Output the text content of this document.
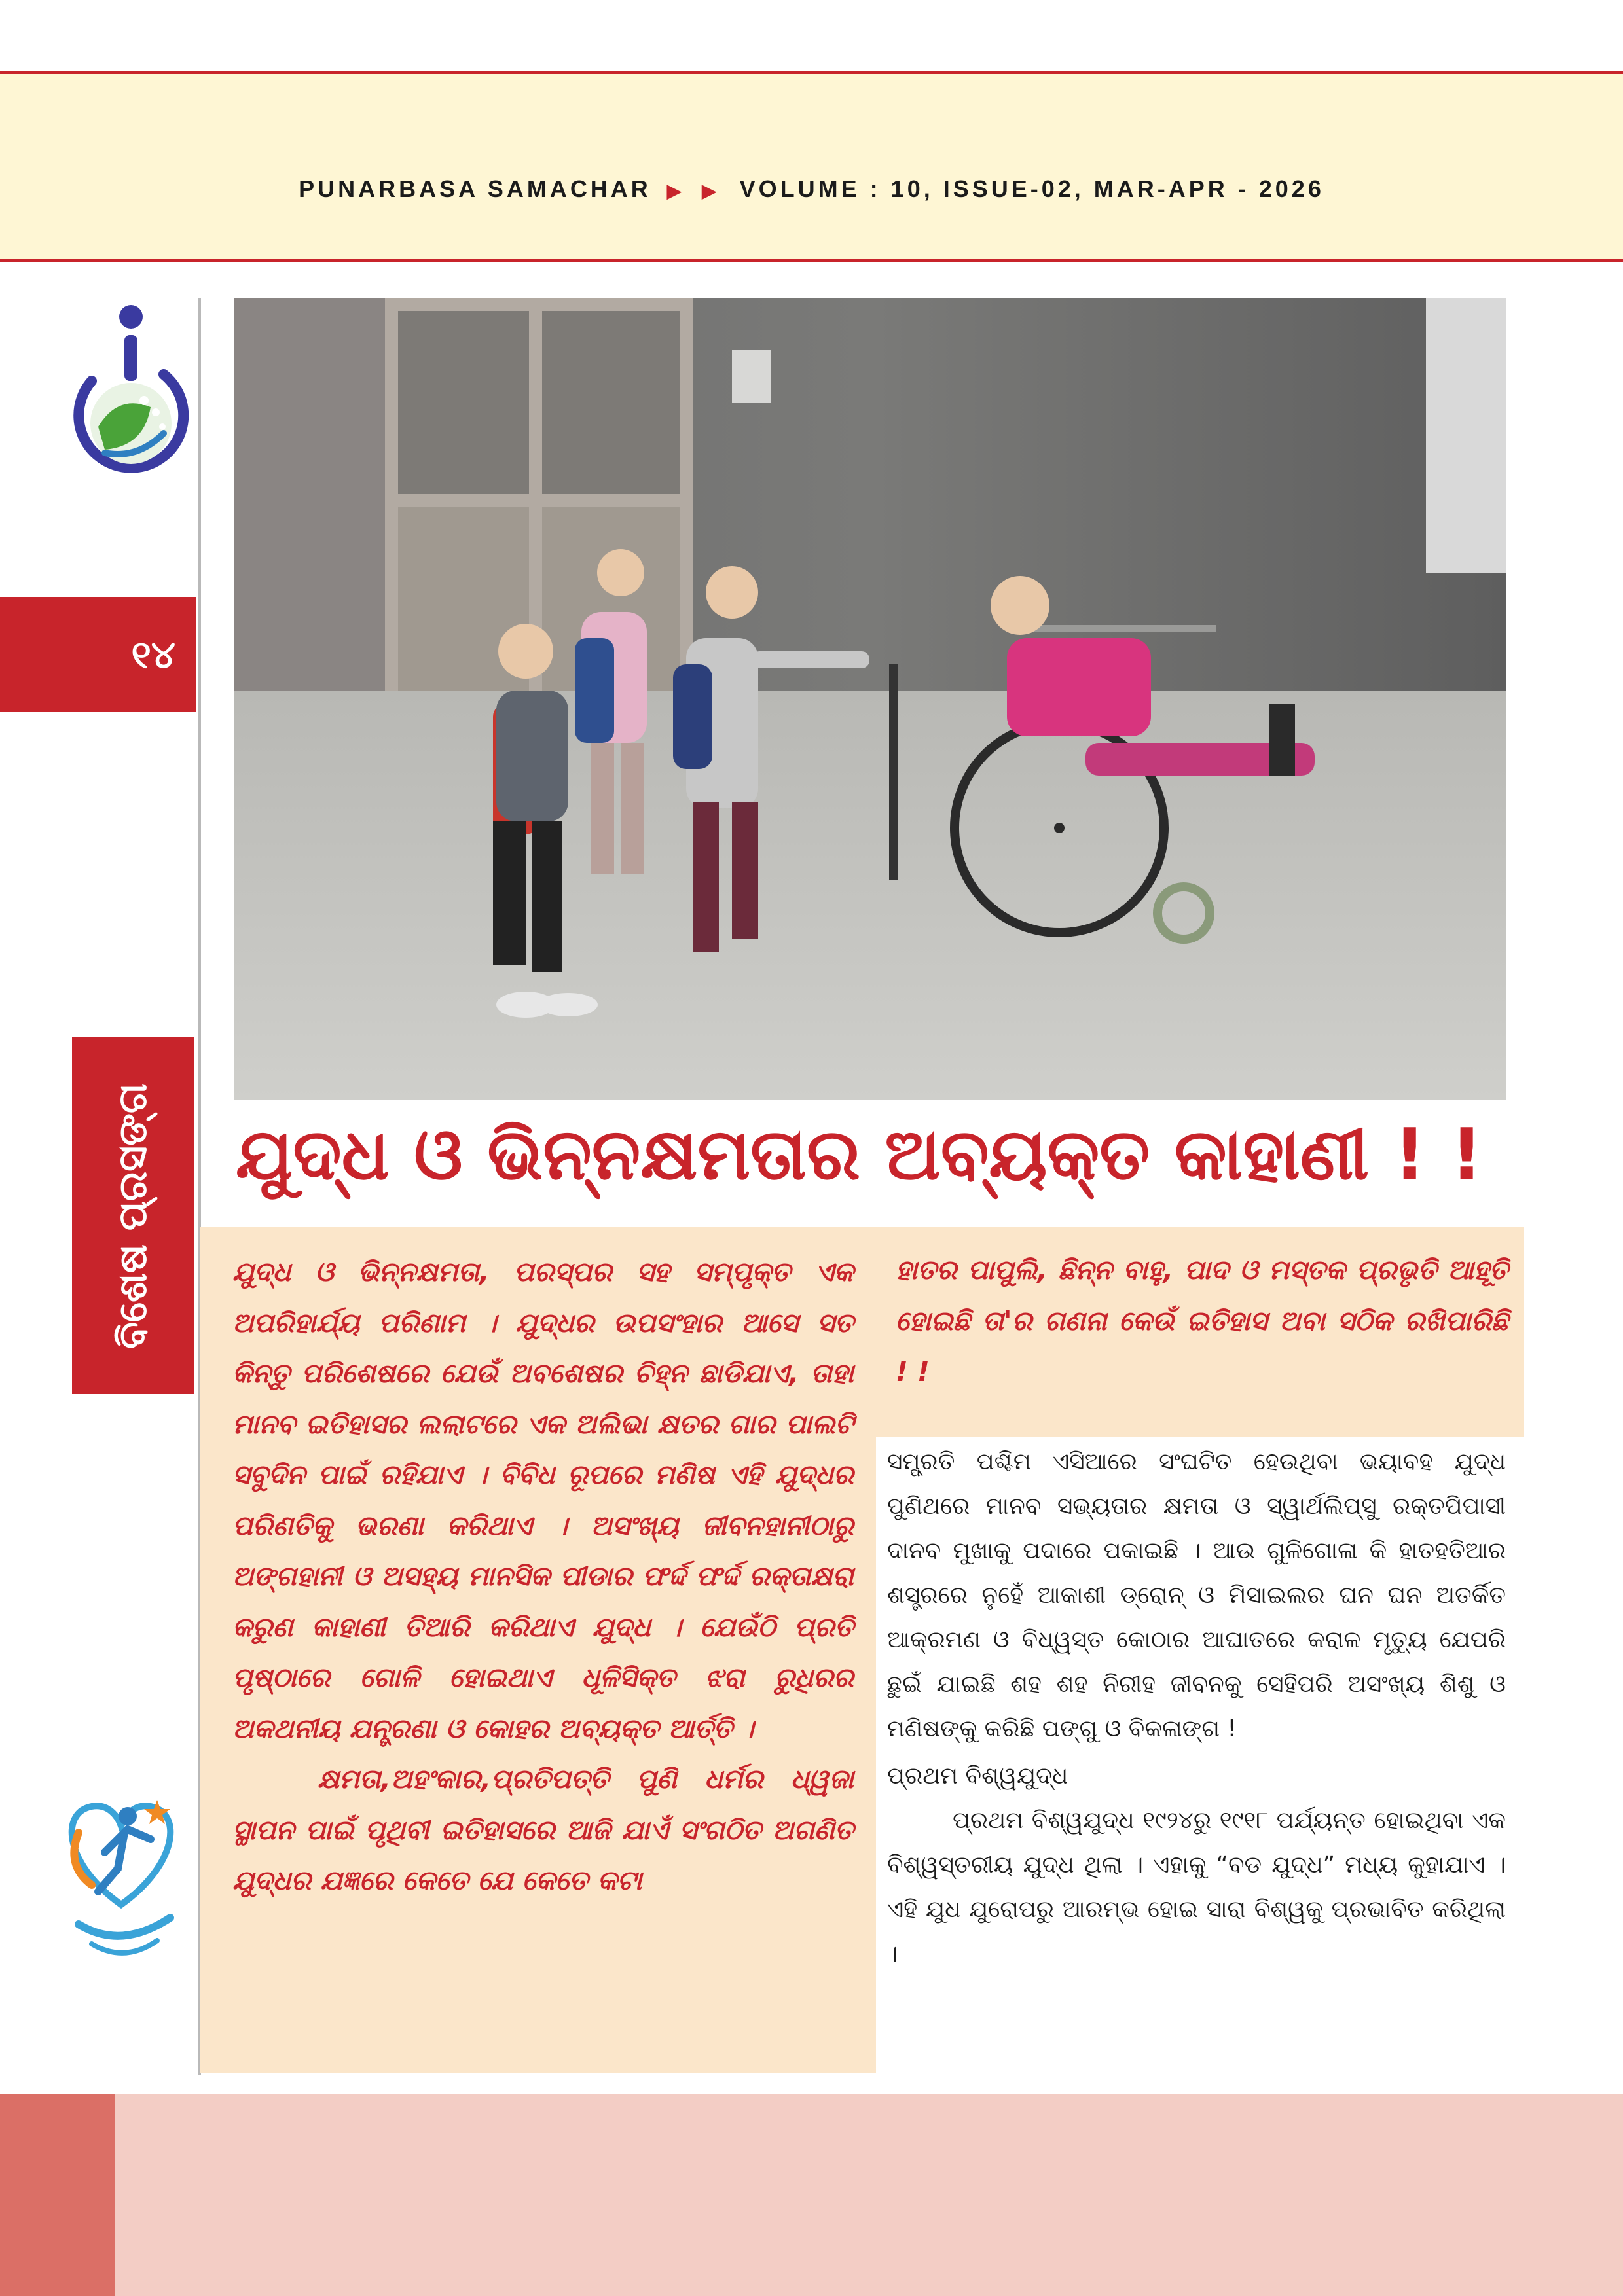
PUNARBASA SAMACHAR ▶ ▶ VOLUME : 10, ISSUE-02, MAR-APR - 2026
୧୪
ବିଶେଷ ପ୍ରସଙ୍ଗ ଯୁଦ୍ଧ ଓ ଭିନ୍ନକ୍ଷମତାର ଅବ୍ୟକ୍ତ କାହାଣୀ ! !

ଯୁଦ୍ଧ ଓ ଭିନ୍ନକ୍ଷମତା, ପରସ୍ପର ସହ ସମ୍ପୃକ୍ତ ଏକ ଅପରିହାର୍ଯ୍ୟ ପରିଣାମ । ଯୁଦ୍ଧର ଉପସଂହାର ଆସେ ସତ କିନ୍ତୁ ପରିଶେଷରେ ଯେଉଁ ଅବଶେଷର ଚିହ୍ନ ଛାଡିଯାଏ, ତାହା ମାନବ ଇତିହାସର ଲଲାଟରେ ଏକ ଅଲିଭା କ୍ଷତର ଗାର ପାଲଟି ସବୁଦିନ ପାଇଁ ରହିଯାଏ । ବିବିଧ ରୂପରେ ମଣିଷ ଏହି ଯୁଦ୍ଧର ପରିଣତିକୁ ଭରଣା କରିଥାଏ । ଅସଂଖ୍ୟ ଜୀବନହାନୀଠାରୁ ଅଙ୍ଗହାନୀ ଓ ଅସହ୍ୟ ମାନସିକ ପୀଡାର ଫର୍ଦ୍ଦ ଫର୍ଦ୍ଦ ରକ୍ତାକ୍ଷରା କରୁଣ କାହାଣୀ ତିଆରି କରିଥାଏ ଯୁଦ୍ଧ । ଯେଉଁଠି ପ୍ରତି ପୃଷ୍ଠାରେ ଗୋଳି ହୋଇଥାଏ ଧୂଳିସିକ୍ତ ଝରା ରୁଧିରର ଅକଥନୀୟ ଯନ୍ତ୍ରଣା ଓ କୋହର ଅବ୍ୟକ୍ତ ଆର୍ତ୍ତି ।

କ୍ଷମତା,ଅହଂକାର,ପ୍ରତିପତ୍ତି ପୁଣି ଧର୍ମର ଧ୍ୱଜା ସ୍ଥାପନ ପାଇଁ ପୃଥିବୀ ଇତିହାସରେ ଆଜି ଯାଏଁ ସଂଗଠିତ ଅଗଣିତ ଯୁଦ୍ଧର ଯଜ୍ଞରେ କେତେ ଯେ କେତେ କଟା

ହାତର ପାପୁଲି, ଛିନ୍ନ ବାହୁ, ପାଦ ଓ ମସ୍ତକ ପ୍ରଭୃତି ଆହୂତି ହୋଇଛି ତା'ର ଗଣନା କେଉଁ ଇତିହାସ ଅବା ସଠିକ ରଖିପାରିଛି ! !

ସମ୍ପ୍ରତି ପଶ୍ଚିମ ଏସିଆରେ ସଂଘଟିତ ହେଉଥିବା ଭୟାବହ ଯୁଦ୍ଧ ପୁଣିଥରେ ମାନବ ସଭ୍ୟତାର କ୍ଷମତା ଓ ସ୍ୱାର୍ଥଲିପ୍ସୁ ରକ୍ତପିପାସୀ ଦାନବ ମୁଖାକୁ ପଦାରେ ପକାଇଛି । ଆଉ ଗୁଳିଗୋଳା କି ହାତହତିଆର ଶସ୍ତ୍ରରେ ନୁହେଁ ଆକାଶୀ ଡ୍ରୋନ୍ ଓ ମିସାଇଲର ଘନ ଘନ ଅତର୍କିତ ଆକ୍ରମଣ ଓ ବିଧ୍ୱସ୍ତ କୋଠାର ଆଘାତରେ କରାଳ ମୃତ୍ୟୁ ଯେପରି ଛୁଇଁ ଯାଇଛି ଶହ ଶହ ନିରୀହ ଜୀବନକୁ ସେହିପରି ଅସଂଖ୍ୟ ଶିଶୁ ଓ ମଣିଷଙ୍କୁ କରିଛି ପଙ୍ଗୁ ଓ ବିକଳାଙ୍ଗ !

ପ୍ରଥମ ବିଶ୍ୱଯୁଦ୍ଧ

ପ୍ରଥମ ବିଶ୍ୱଯୁଦ୍ଧ ୧୯୨୪ରୁ ୧୯୧୮ ପର୍ଯ୍ୟନ୍ତ ହୋଇଥିବା ଏକ ବିଶ୍ୱସ୍ତରୀୟ ଯୁଦ୍ଧ ଥିଲା । ଏହାକୁ “ବଡ ଯୁଦ୍ଧ” ମଧ୍ୟ କୁହାଯାଏ । ଏହି ଯୁଧ ଯୁରୋପରୁ ଆରମ୍ଭ ହୋଇ ସାରା ବିଶ୍ୱକୁ ପ୍ରଭାବିତ କରିଥିଲା ।
